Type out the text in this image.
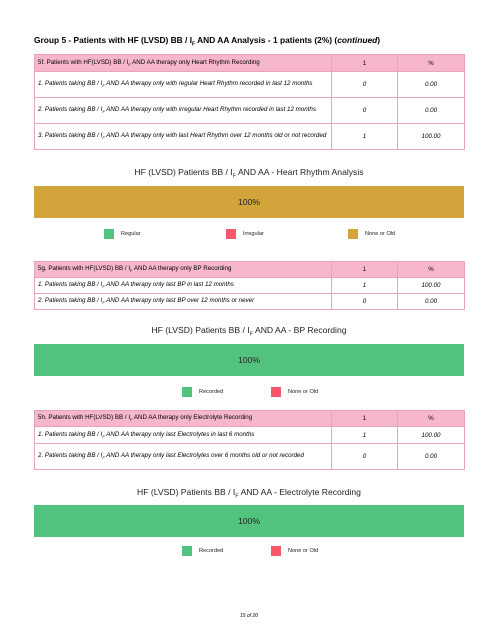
Group 5 - Patients with HF (LVSD) BB / $I_F$ AND AA Analysis - 1 patients (2%) (continued)
5f. Patients with HF(LVSD) BB / $I_F$ AND AA therapy only Heart Rhythm Recording	1	%
1. Patients taking BB / $I_F$ AND AA therapy only with regular Heart Rhythm recorded in last 12 months	0	0.00
2. Patients taking BB / $I_F$ AND AA therapy only with irregular Heart Rhythm recorded in last 12 months	0	0.00
3. Patients taking BB / $I_F$ AND AA therapy only with last Heart Rhythm over 12 months old or not recorded	1	100.00
HF (LVSD) Patients BB / $I_F$ AND AA - Heart Rhythm Analysis
100%
Regular	Irregular	None or Old
5g. Patients with HF(LVSD) BB / $I_F$ AND AA therapy only BP Recording	1	%
1. Patients taking BB / $I_F$ AND AA therapy only last BP in last 12 months	1	100.00
2. Patients taking BB / $I_F$ AND AA therapy only last BP over 12 months or never	0	0.00
HF (LVSD) Patients BB / $I_F$ AND AA - BP Recording
100%
Recorded	None or Old
5h. Patients with HF(LVSD) BB / $I_F$ AND AA therapy only Electrolyte Recording	1	%
1. Patients taking BB / $I_F$ AND AA therapy only last Electrolytes in last 6 months	1	100.00
2. Patients taking BB / $I_F$ AND AA therapy only last Electrolytes over 6 months old or not recorded	0	0.00
HF (LVSD) Patients BB / $I_F$ AND AA - Electrolyte Recording
100%
Recorded	None or Old
15 of 20
